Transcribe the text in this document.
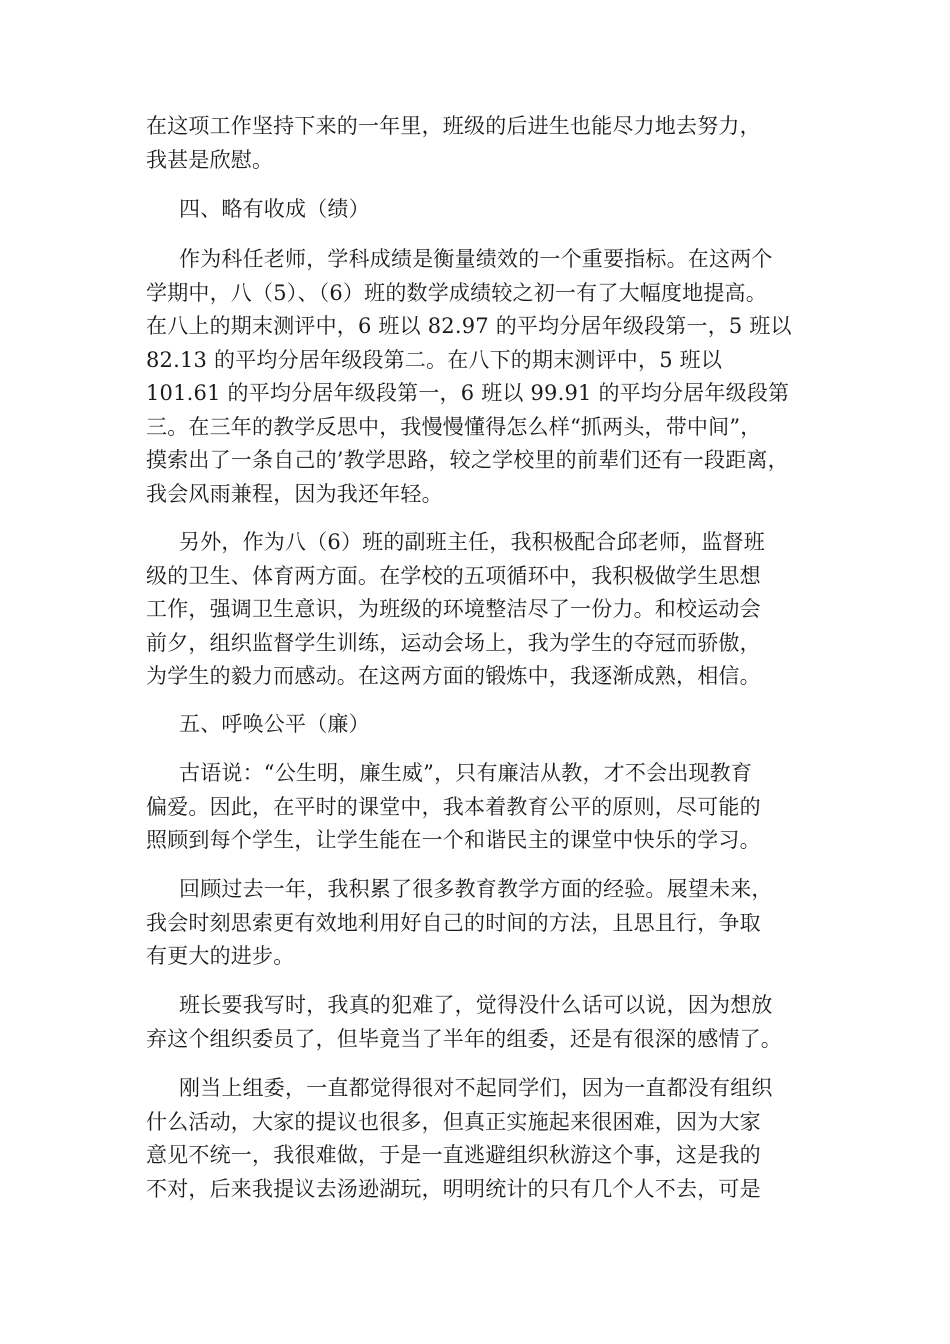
在这项工作坚持下来的一年里，班级的后进生也能尽力地去努力，
我甚是欣慰。
四、略有收成（绩）
作为科任老师，学科成绩是衡量绩效的一个重要指标。在这两个
学期中，八（5）、（6）班的数学成绩较之初一有了大幅度地提高。
在八上的期末测评中，6 班以 82.97 的平均分居年级段第一，5 班以
82.13 的平均分居年级段第二。在八下的期末测评中，5 班以
101.61 的平均分居年级段第一，6 班以 99.91 的平均分居年级段第
三。在三年的教学反思中，我慢慢懂得怎么样“抓两头，带中间”，
摸索出了一条自己的’教学思路，较之学校里的前辈们还有一段距离，
我会风雨兼程，因为我还年轻。
另外，作为八（6）班的副班主任，我积极配合邱老师，监督班
级的卫生、体育两方面。在学校的五项循环中，我积极做学生思想
工作，强调卫生意识，为班级的环境整洁尽了一份力。和校运动会
前夕，组织监督学生训练，运动会场上，我为学生的夺冠而骄傲，
为学生的毅力而感动。在这两方面的锻炼中，我逐渐成熟，相信。
五、呼唤公平（廉）
古语说：“公生明，廉生威”，只有廉洁从教，才不会出现教育
偏爱。因此，在平时的课堂中，我本着教育公平的原则，尽可能的
照顾到每个学生，让学生能在一个和谐民主的课堂中快乐的学习。
回顾过去一年，我积累了很多教育教学方面的经验。展望未来，
我会时刻思索更有效地利用好自己的时间的方法，且思且行，争取
有更大的进步。
班长要我写时，我真的犯难了，觉得没什么话可以说，因为想放
弃这个组织委员了，但毕竟当了半年的组委，还是有很深的感情了。
刚当上组委，一直都觉得很对不起同学们，因为一直都没有组织
什么活动，大家的提议也很多，但真正实施起来很困难，因为大家
意见不统一，我很难做，于是一直逃避组织秋游这个事，这是我的
不对，后来我提议去汤逊湖玩，明明统计的只有几个人不去，可是
